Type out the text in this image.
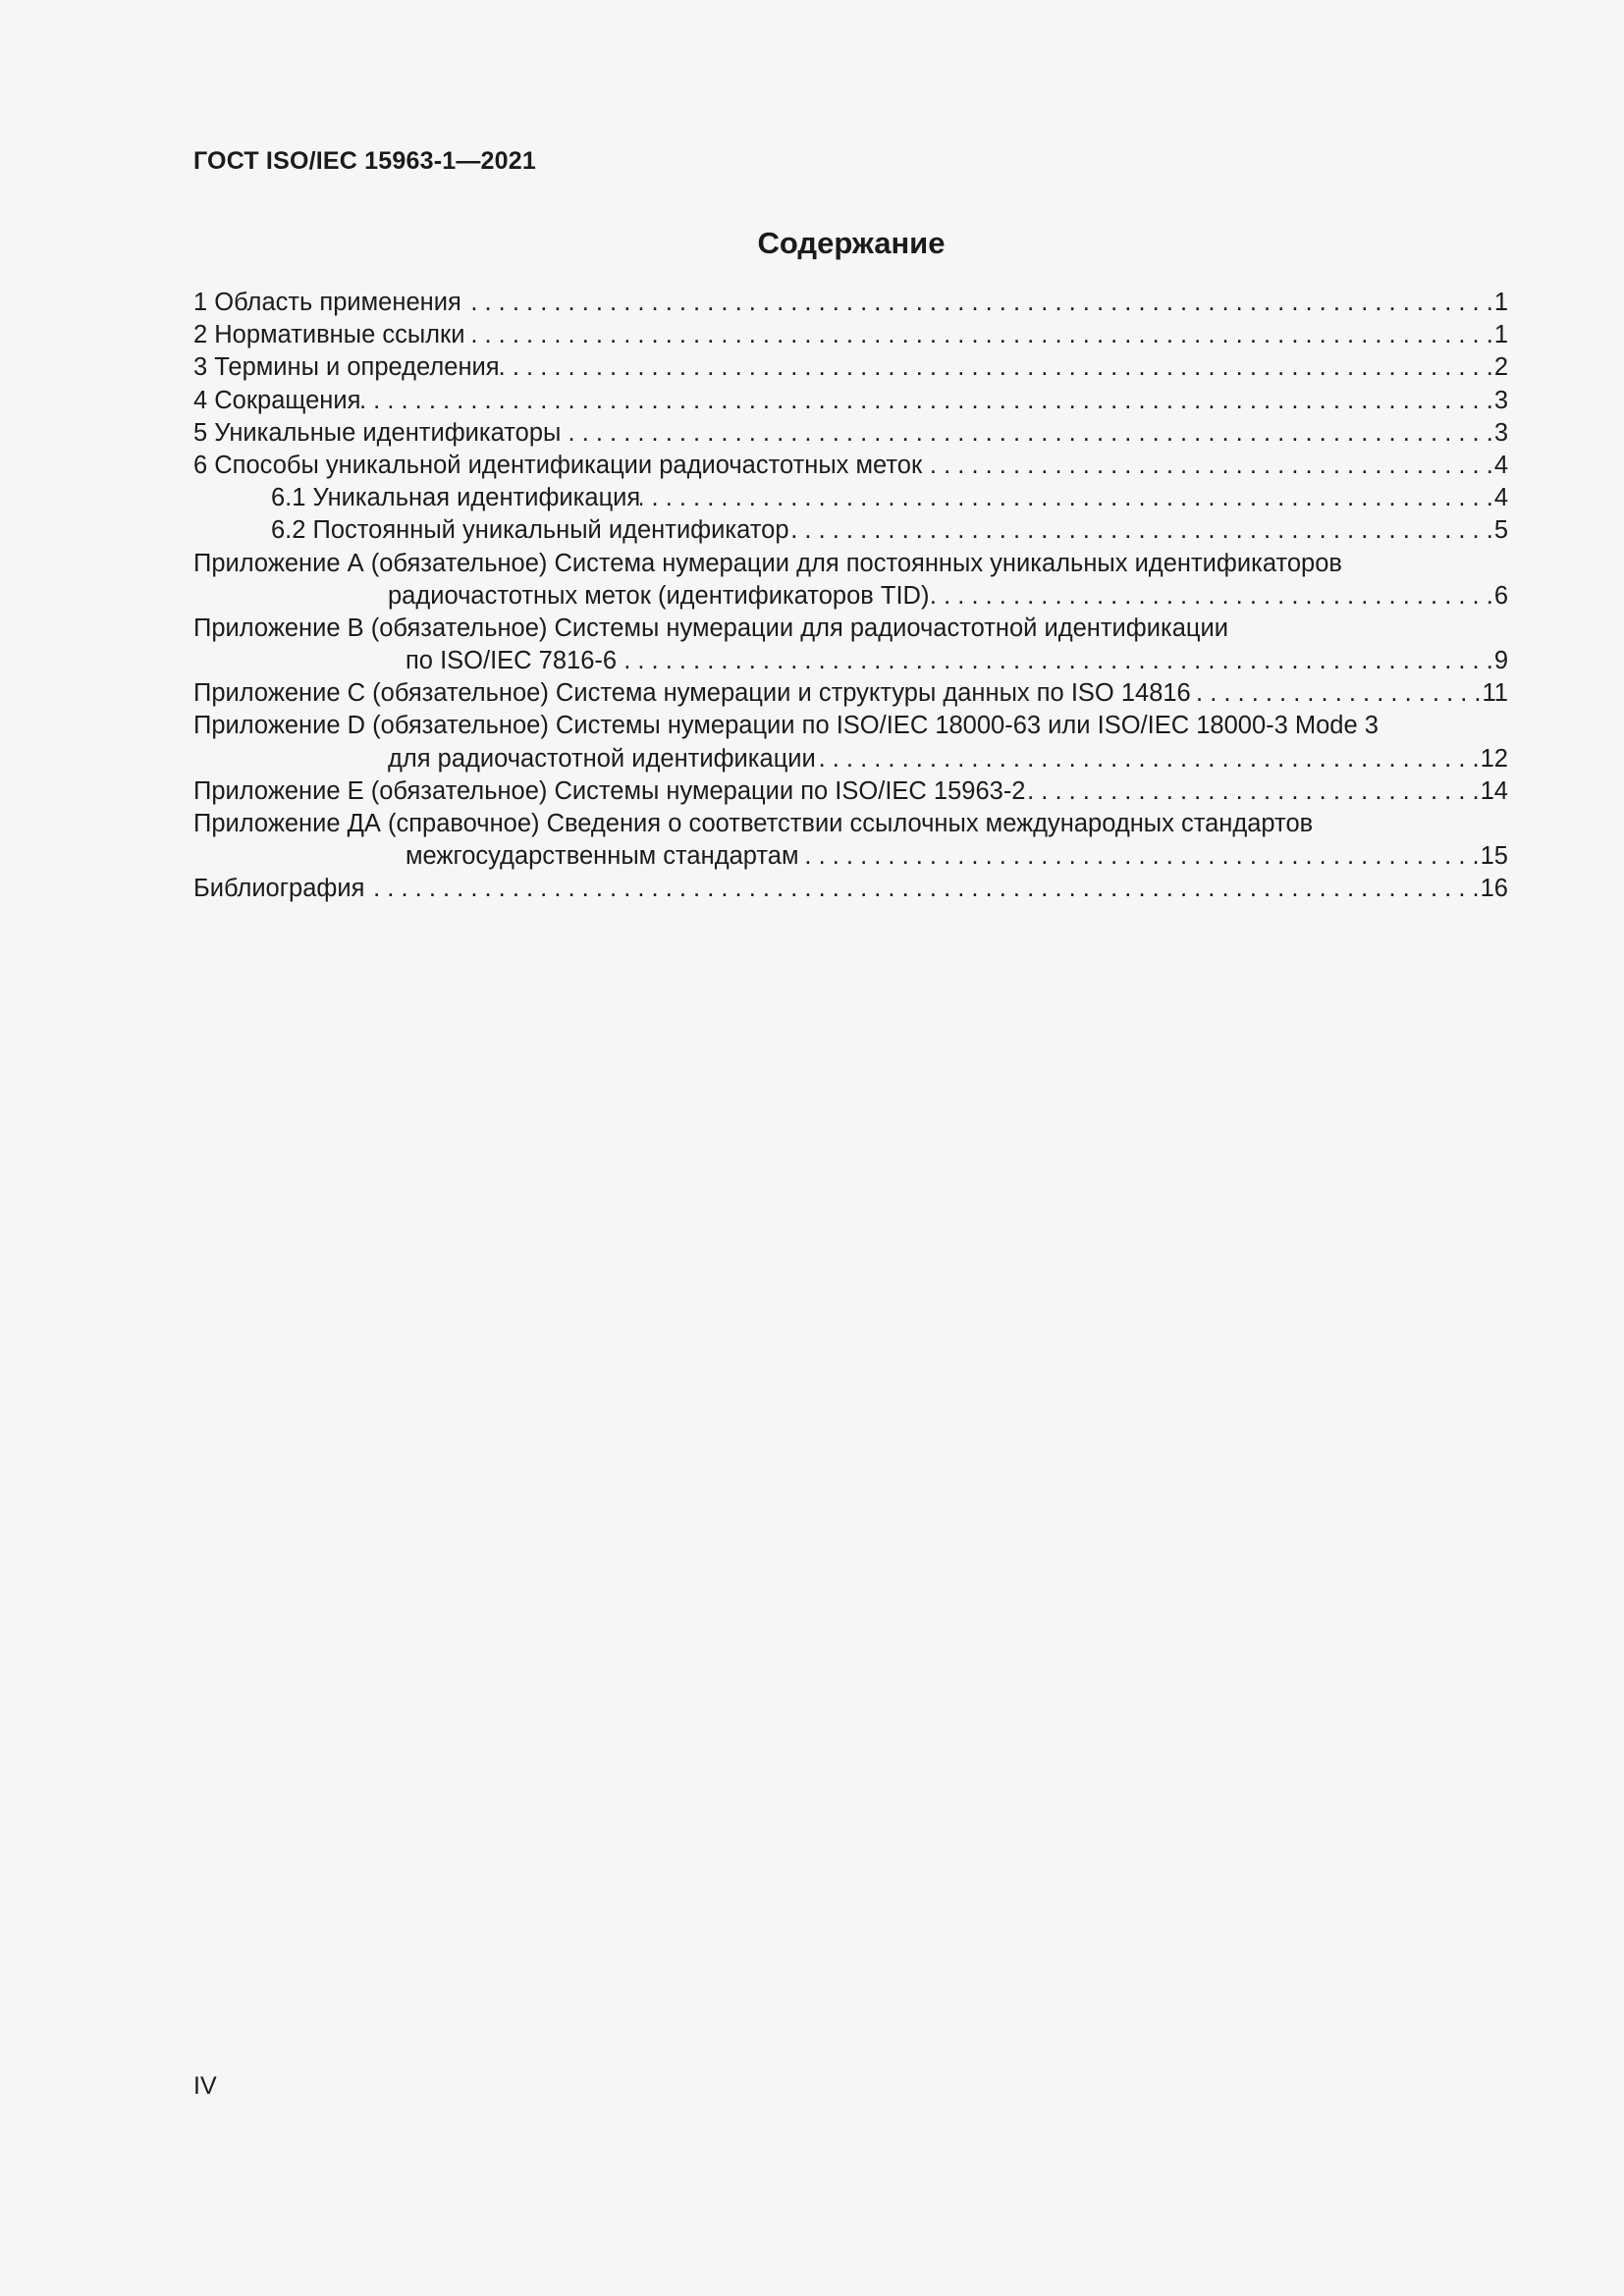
ГОСТ ISO/IEC 15963-1—2021
Содержание
1 Область применения . . .	1
2 Нормативные ссылки . . .	1
3 Термины и определения . . .	2
4 Сокращения . . .	3
5 Уникальные идентификаторы . . .	3
6 Способы уникальной идентификации радиочастотных меток . . .	4
6.1 Уникальная идентификация . . .	4
6.2 Постоянный уникальный идентификатор . . .	5
Приложение А (обязательное) Система нумерации для постоянных уникальных идентификаторов
радиочастотных меток (идентификаторов TID) . . .	6
Приложение В (обязательное) Системы нумерации для радиочастотной идентификации
по ISO/IEC 7816-6 . . .	9
Приложение С (обязательное) Система нумерации и структуры данных по ISO 14816 . . .	11
Приложение D (обязательное) Системы нумерации по ISO/IEC 18000-63 или ISO/IEC 18000-3 Mode 3
для радиочастотной идентификации . . .	12
Приложение Е (обязательное) Системы нумерации по ISO/IEC 15963-2 . . .	14
Приложение ДА (справочное) Сведения о соответствии ссылочных международных стандартов
межгосударственным стандартам . . .	15
Библиография . . .	16
IV
